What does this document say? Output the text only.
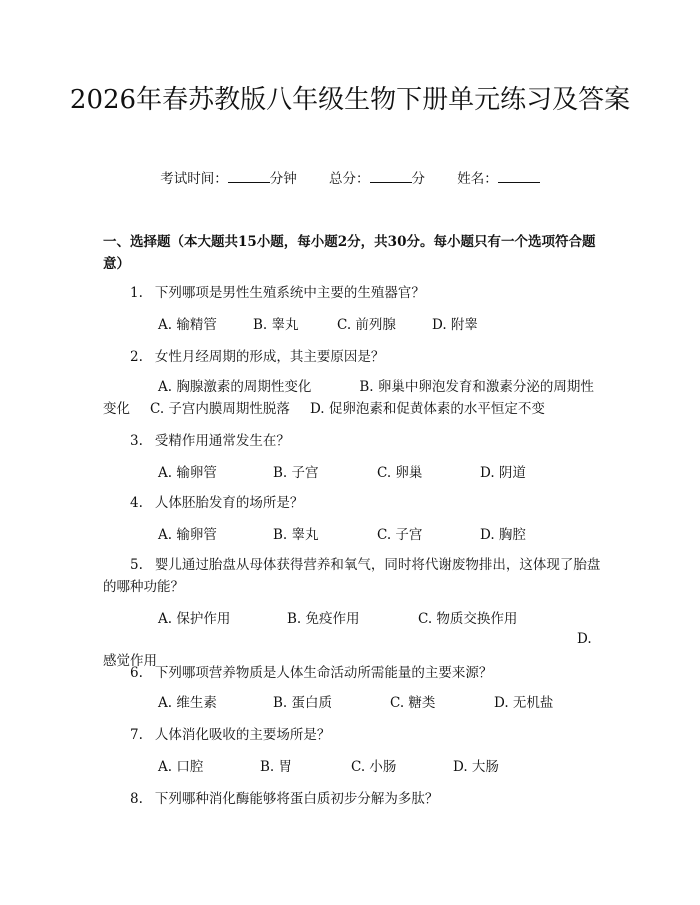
2026年春苏教版八年级生物下册单元练习及答案
考试时间：	分钟 总分：	分 姓名：

一、选择题（本大题共15小题，每小题2分，共30分。每小题只有一个选项符合题意）

1. 下列哪项是男性生殖系统中主要的生殖器官？

A. 输精管	B. 睾丸	C. 前列腺	D. 附睾

2. 女性月经周期的形成，其主要原因是？

A. 胸腺激素的周期性变化	B. 卵巢中卵泡发育和激素分泌的周期性变化 C. 子宫内膜周期性脱落 D. 促卵泡素和促黄体素的水平恒定不变

3. 受精作用通常发生在？

A. 输卵管	B. 子宫	C. 卵巢	D. 阴道

4. 人体胚胎发育的场所是？

A. 输卵管	B. 睾丸	C. 子宫	D. 胸腔

5. 婴儿通过胎盘从母体获得营养和氧气，同时将代谢废物排出，这体现了胎盘的哪种功能？

A. 保护作用	B. 免疫作用	C. 物质交换作用
D. 感觉作用

6. 下列哪项营养物质是人体生命活动所需能量的主要来源？

A. 维生素	B. 蛋白质	C. 糖类	D. 无机盐

7. 人体消化吸收的主要场所是？

A. 口腔	B. 胃	C. 小肠	D. 大肠

8. 下列哪种消化酶能够将蛋白质初步分解为多肽？
